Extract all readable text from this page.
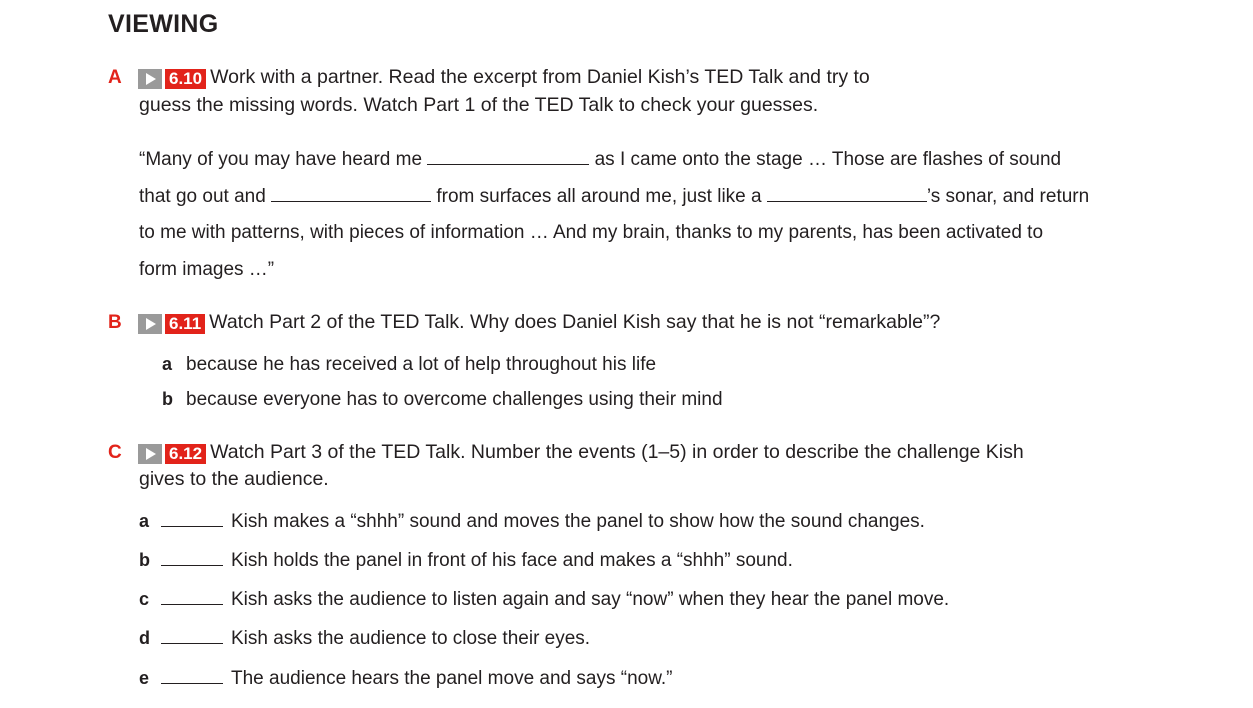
VIEWING
A	6.10 Work with a partner. Read the excerpt from Daniel Kish’s TED Talk and try to
guess the missing words. Watch Part 1 of the TED Talk to check your guesses.
“Many of you may have heard me	as I came onto the stage … Those are flashes of sound
that go out and	from surfaces all around me, just like a	’s sonar, and return
to me with patterns, with pieces of information … And my brain, thanks to my parents, has been activated to
form images …”
B	6.11 Watch Part 2 of the TED Talk. Why does Daniel Kish say that he is not “remarkable”?
a because he has received a lot of help throughout his life
b because everyone has to overcome challenges using their mind
C	6.12 Watch Part 3 of the TED Talk. Number the events (1–5) in order to describe the challenge Kish
gives to the audience.
a	Kish makes a “shhh” sound and moves the panel to show how the sound changes.
b	Kish holds the panel in front of his face and makes a “shhh” sound.
c	Kish asks the audience to listen again and say “now” when they hear the panel move.
d	Kish asks the audience to close their eyes.
e	The audience hears the panel move and says “now.”
